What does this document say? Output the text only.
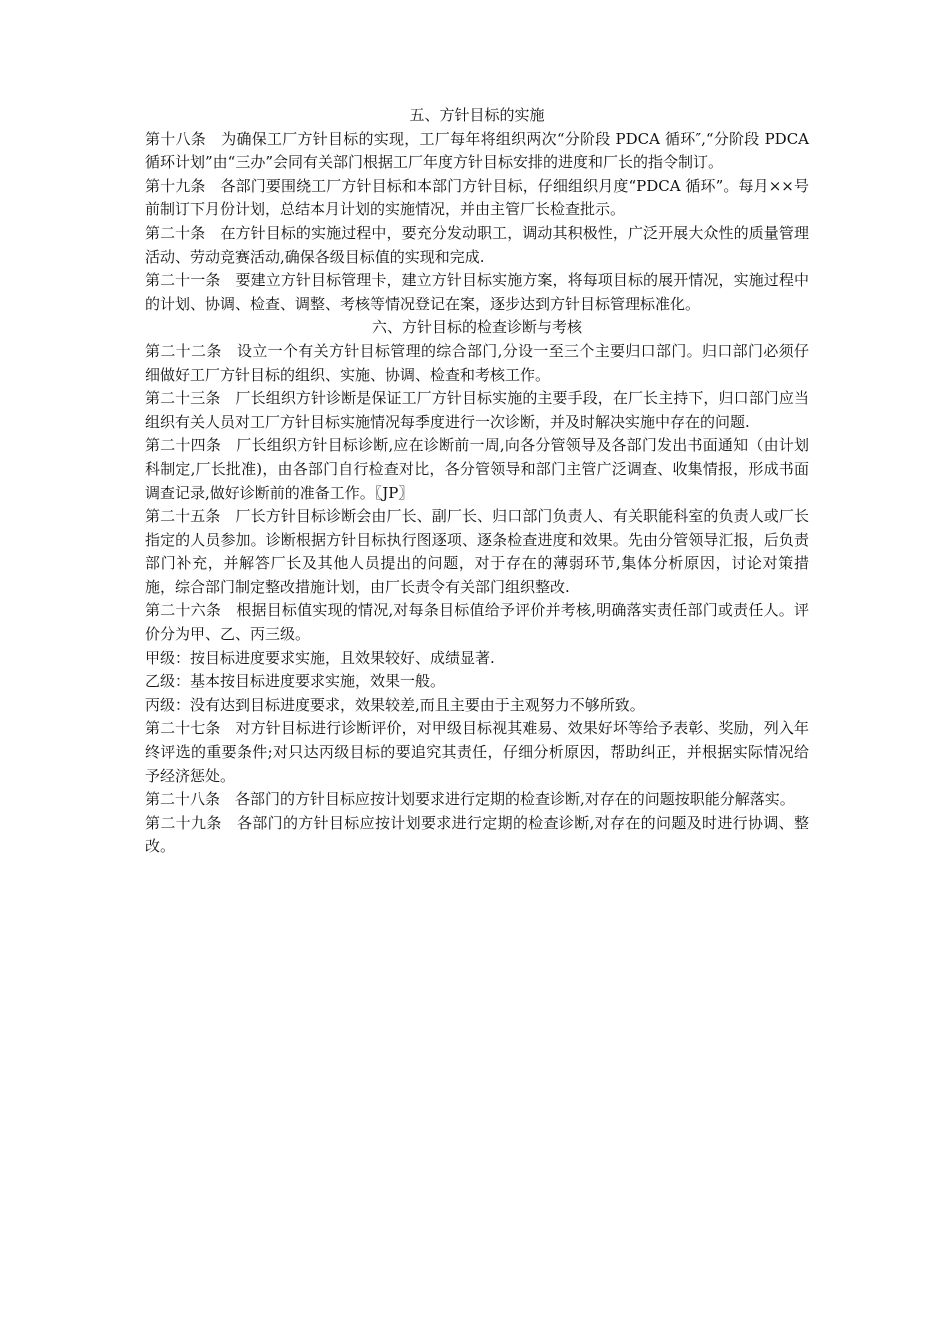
五、方针目标的实施

第十八条　为确保工厂方针目标的实现，工厂每年将组织两次“分阶段 PDCA 循环″,“分阶段 PDCA 循环计划”由“三办”会同有关部门根据工厂年度方针目标安排的进度和厂长的指令制订。

第十九条　各部门要围绕工厂方针目标和本部门方针目标，仔细组织月度“PDCA 循环”。每月××号前制订下月份计划，总结本月计划的实施情况，并由主管厂长检查批示。

第二十条　在方针目标的实施过程中，要充分发动职工，调动其积极性，广泛开展大众性的质量管理活动、劳动竞赛活动,确保各级目标值的实现和完成.

第二十一条　要建立方针目标管理卡，建立方针目标实施方案，将每项目标的展开情况，实施过程中的计划、协调、检查、调整、考核等情况登记在案，逐步达到方针目标管理标准化。

六、方针目标的检查诊断与考核

第二十二条　设立一个有关方针目标管理的综合部门,分设一至三个主要归口部门。归口部门必须仔细做好工厂方针目标的组织、实施、协调、检查和考核工作。

第二十三条　厂长组织方针诊断是保证工厂方针目标实施的主要手段，在厂长主持下，归口部门应当组织有关人员对工厂方针目标实施情况每季度进行一次诊断，并及时解决实施中存在的问题.

第二十四条　厂长组织方针目标诊断,应在诊断前一周,向各分管领导及各部门发出书面通知（由计划科制定,厂长批准)，由各部门自行检查对比，各分管领导和部门主管广泛调查、收集情报，形成书面调查记录,做好诊断前的准备工作。〖JP〗

第二十五条　厂长方针目标诊断会由厂长、副厂长、归口部门负责人、有关职能科室的负责人或厂长指定的人员参加。诊断根据方针目标执行图逐项、逐条检查进度和效果。先由分管领导汇报，后负责部门补充，并解答厂长及其他人员提出的问题，对于存在的薄弱环节,集体分析原因，讨论对策措施，综合部门制定整改措施计划，由厂长责令有关部门组织整改.

第二十六条　根据目标值实现的情况,对每条目标值给予评价并考核,明确落实责任部门或责任人。评价分为甲、乙、丙三级。

甲级：按目标进度要求实施，且效果较好、成绩显著.

乙级：基本按目标进度要求实施，效果一般。

丙级：没有达到目标进度要求，效果较差,而且主要由于主观努力不够所致。

第二十七条　对方针目标进行诊断评价，对甲级目标视其难易、效果好坏等给予表彰、奖励，列入年终评选的重要条件;对只达丙级目标的要追究其责任，仔细分析原因，帮助纠正，并根据实际情况给予经济惩处。

第二十八条　各部门的方针目标应按计划要求进行定期的检查诊断,对存在的问题按职能分解落实。

第二十九条　各部门的方针目标应按计划要求进行定期的检查诊断,对存在的问题及时进行协调、整改。
